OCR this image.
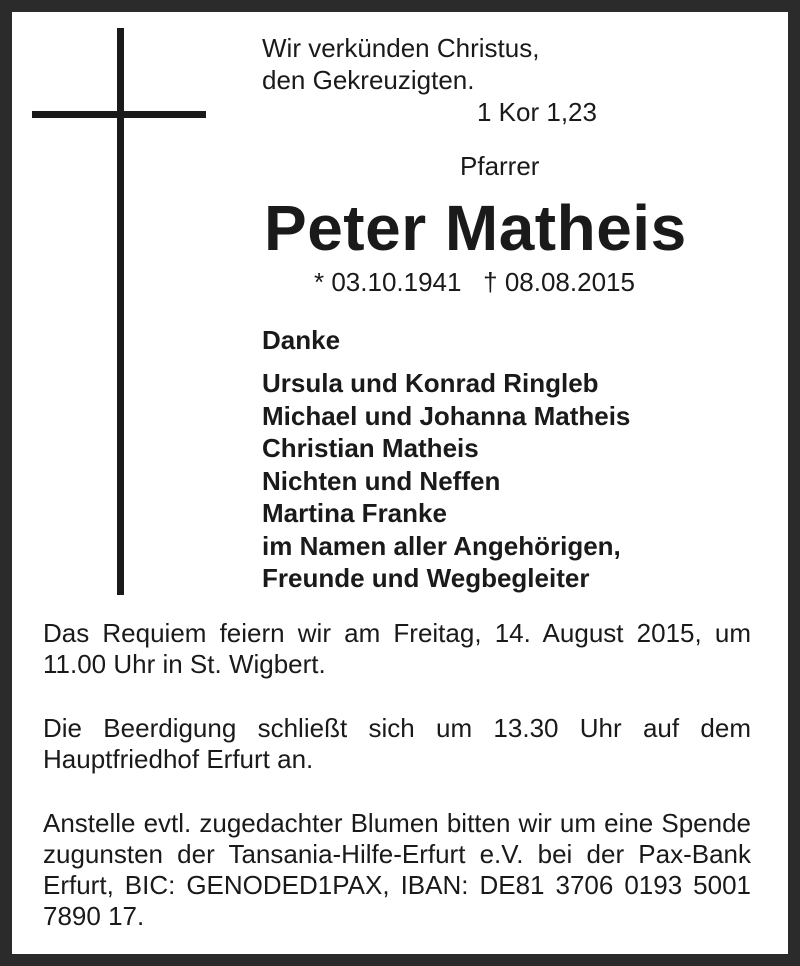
Wir verkünden Christus,
den Gekreuzigten.
1 Kor 1,23
Pfarrer
Peter Matheis
* 03.10.1941   † 08.08.2015
Danke
Ursula und Konrad Ringleb
Michael und Johanna Matheis
Christian Matheis
Nichten und Neffen
Martina Franke
im Namen aller Angehörigen,
Freunde und Wegbegleiter
Das Requiem feiern wir am Freitag, 14. August 2015, um 11.00 Uhr in St. Wigbert.
Die Beerdigung schließt sich um 13.30 Uhr auf dem Hauptfriedhof Erfurt an.
Anstelle evtl. zugedachter Blumen bitten wir um eine Spende zugunsten der Tansania-Hilfe-Erfurt e.V. bei der Pax-Bank Erfurt, BIC: GENODED1PAX, IBAN: DE81 3706 0193 5001 7890 17.
